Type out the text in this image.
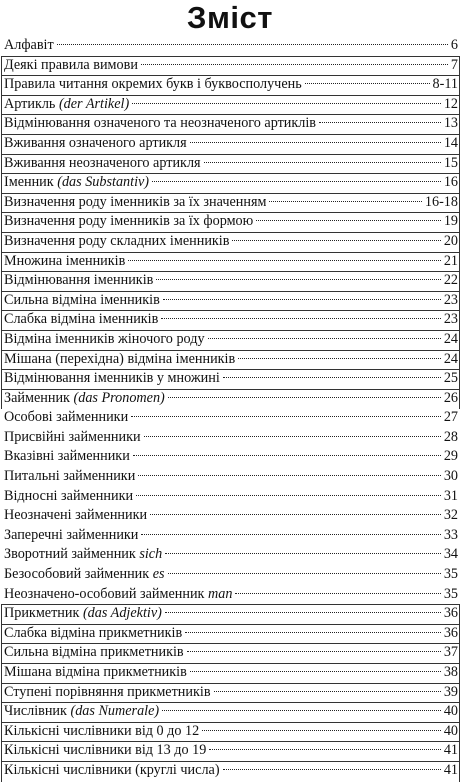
Зміст
Алфавіт	6
Деякі правила вимови	7
Правила читання окремих букв і буквосполучень	8-11
Артикль (der Artikel)	12
Відмінювання означеного та неозначеного артиклів	13
Вживання означеного артикля	14
Вживання неозначеного артикля	15
Іменник (das Substantiv)	16
Визначення роду іменників за їх значенням	16-18
Визначення роду іменників за їх формою	19
Визначення роду складних іменників	20
Множина іменників	21
Відмінювання іменників	22
Сильна відміна іменників	23
Слабка відміна іменників	23
Відміна іменників жіночого роду	24
Мішана (перехідна) відміна іменників	24
Відмінювання іменників у множині	25
Займенник (das Pronomen)	26
Особові займенники	27
Присвійні займенники	28
Вказівні займенники	29
Питальні займенники	30
Відносні займенники	31
Неозначені займенники	32
Заперечні займенники	33
Зворотний займенник sich	34
Безособовий займенник es	35
Неозначено-особовий займенник man	35
Прикметник (das Adjektiv)	36
Слабка відміна прикметників	36
Сильна відміна прикметників	37
Мішана відміна прикметників	38
Ступені порівняння прикметників	39
Числівник (das Numerale)	40
Кількісні числівники від 0 до 12	40
Кількісні числівники від 13 до 19	41
Кількісні числівники (круглі числа)	41
